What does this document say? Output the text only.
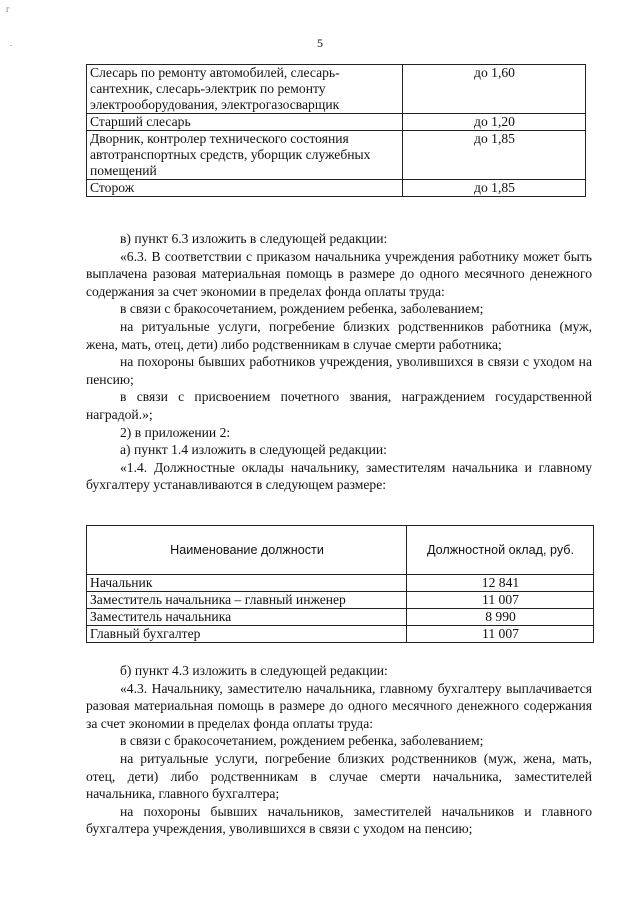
г
.	5
Слесарь по ремонту автомобилей, слесарь-сантехник, слесарь-электрик по ремонту электрооборудования, электрогазосварщик	до 1,60
Старший слесарь	до 1,20
Дворник, контролер технического состояния автотранспортных средств, уборщик служебных помещений	до 1,85
Сторож	до 1,85

в) пункт 6.3 изложить в следующей редакции:

«6.3. В соответствии с приказом начальника учреждения работнику может быть выплачена разовая материальная помощь в размере до одного месячного денежного содержания за счет экономии в пределах фонда оплаты труда:

в связи с бракосочетанием, рождением ребенка, заболеванием;

на ритуальные услуги, погребение близких родственников работника (муж, жена, мать, отец, дети) либо родственникам в случае смерти работника;

на похороны бывших работников учреждения, уволившихся в связи с уходом на пенсию;

в связи с присвоением почетного звания, награждением государственной наградой.»;

2) в приложении 2:

а) пункт 1.4 изложить в следующей редакции:

«1.4. Должностные оклады начальнику, заместителям начальника и главному бухгалтеру устанавливаются в следующем размере:

Наименование должности	Должностной оклад, руб.
Начальник	12 841
Заместитель начальника – главный инженер	11 007
Заместитель начальника	8 990
Главный бухгалтер	11 007

б) пункт 4.3 изложить в следующей редакции:

«4.3. Начальнику, заместителю начальника, главному бухгалтеру выплачивается разовая материальная помощь в размере до одного месячного денежного содержания за счет экономии в пределах фонда оплаты труда:

в связи с бракосочетанием, рождением ребенка, заболеванием;

на ритуальные услуги, погребение близких родственников (муж, жена, мать, отец, дети) либо родственникам в случае смерти начальника, заместителей начальника, главного бухгалтера;

на похороны бывших начальников, заместителей начальников и главного бухгалтера учреждения, уволившихся в связи с уходом на пенсию;
